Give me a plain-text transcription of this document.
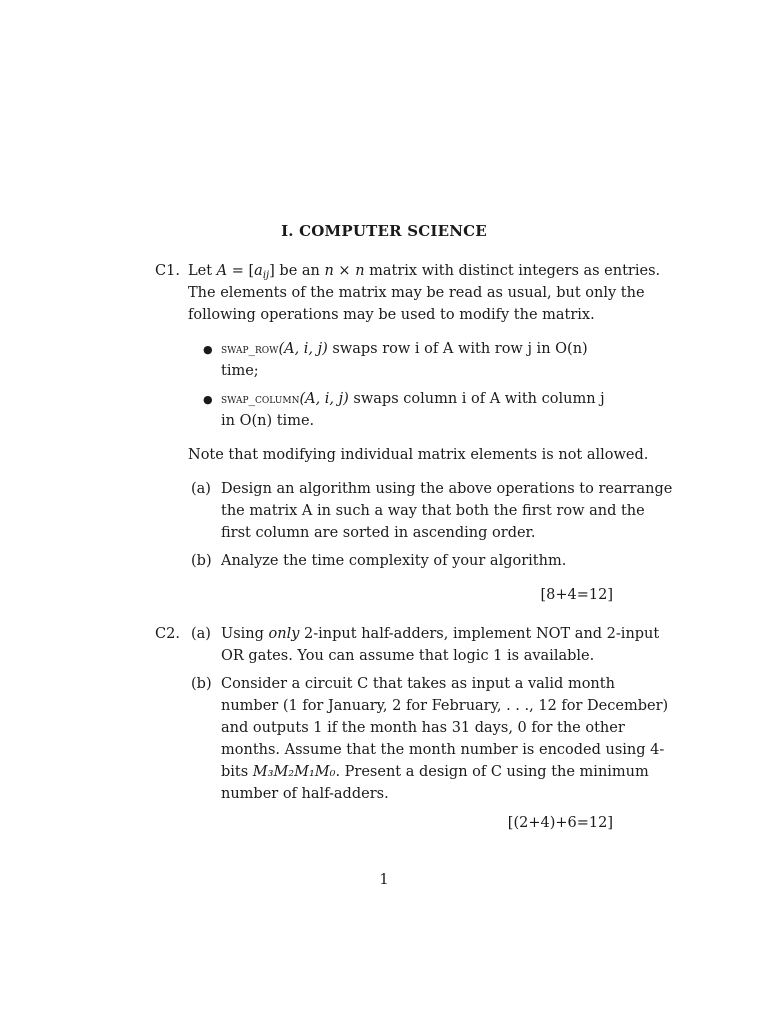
I. COMPUTER SCIENCE
C1. Let $A = [a_{ij}]$ be an n × n matrix with distinct integers as entries.
The elements of the matrix may be read as usual, but only the
following operations may be used to modify the matrix.
● swap_row(A, i, j) swaps row i of A with row j in O(n)
time;
● swap_column(A, i, j) swaps column i of A with column j
in O(n) time.
Note that modifying individual matrix elements is not allowed.
(a) Design an algorithm using the above operations to rearrange
the matrix A in such a way that both the first row and the
first column are sorted in ascending order.
(b) Analyze the time complexity of your algorithm.
[8+4=12]
C2. (a) Using only 2-input half-adders, implement NOT and 2-input
OR gates. You can assume that logic 1 is available.
(b) Consider a circuit C that takes as input a valid month
number (1 for January, 2 for February, . . ., 12 for December)
and outputs 1 if the month has 31 days, 0 for the other
months. Assume that the month number is encoded using 4-
bits M₃M₂M₁M₀. Present a design of C using the minimum
number of half-adders.
[(2+4)+6=12]
1
